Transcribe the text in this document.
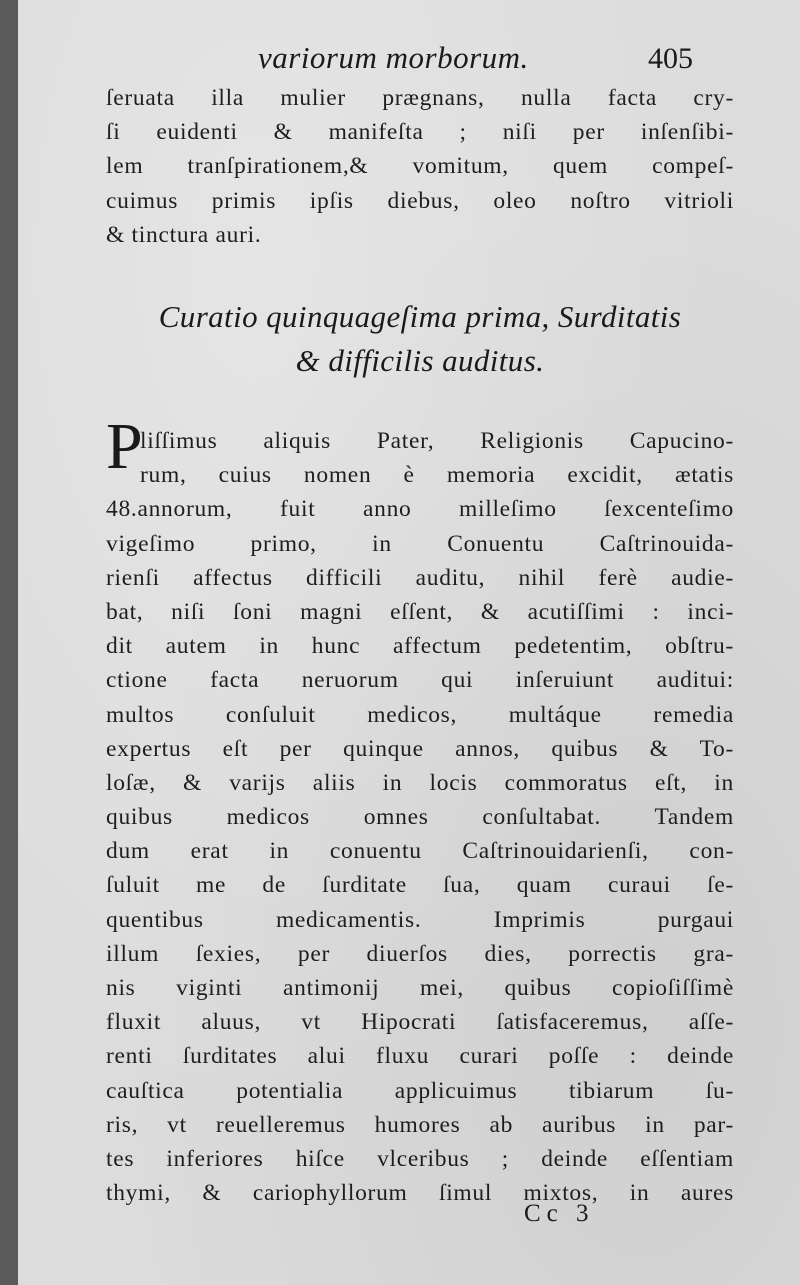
variorum morborum.	405
ſeruata illa mulier prægnans, nulla facta cry-
ſi euidenti & manifeſta ; niſi per inſenſibi-
lem tranſpirationem,& vomitum, quem compeſ-
cuimus primis ipſis diebus, oleo noſtro vitrioli
& tinctura auri.
Curatio quinquageſima prima, Surditatis
& difficilis auditus.
P
liſſimus aliquis Pater, Religionis Capucino-
rum, cuius nomen è memoria excidit, ætatis
48.annorum, fuit anno milleſimo ſexcenteſimo
vigeſimo primo, in Conuentu Caſtrinouida-
rienſi affectus difficili auditu, nihil ferè audie-
bat, niſi ſoni magni eſſent, & acutiſſimi : inci-
dit autem in hunc affectum pedetentim, obſtru-
ctione facta neruorum qui inſeruiunt auditui:
multos conſuluit medicos, multáque remedia
expertus eſt per quinque annos, quibus & To-
loſæ, & varijs aliis in locis commoratus eſt, in
quibus medicos omnes conſultabat. Tandem
dum erat in conuentu Caſtrinouidarienſi, con-
ſuluit me de ſurditate ſua, quam curaui ſe-
quentibus medicamentis. Imprimis purgaui
illum ſexies, per diuerſos dies, porrectis gra-
nis viginti antimonij mei, quibus copioſiſſimè
fluxit aluus, vt Hipocrati ſatisfaceremus, aſſe-
renti ſurditates alui fluxu curari poſſe : deinde
cauſtica potentialia applicuimus tibiarum ſu-
ris, vt reuelleremus humores ab auribus in par-
tes inferiores hiſce vlceribus ; deinde eſſentiam
thymi, & cariophyllorum ſimul mixtos, in aures
Cc 3
